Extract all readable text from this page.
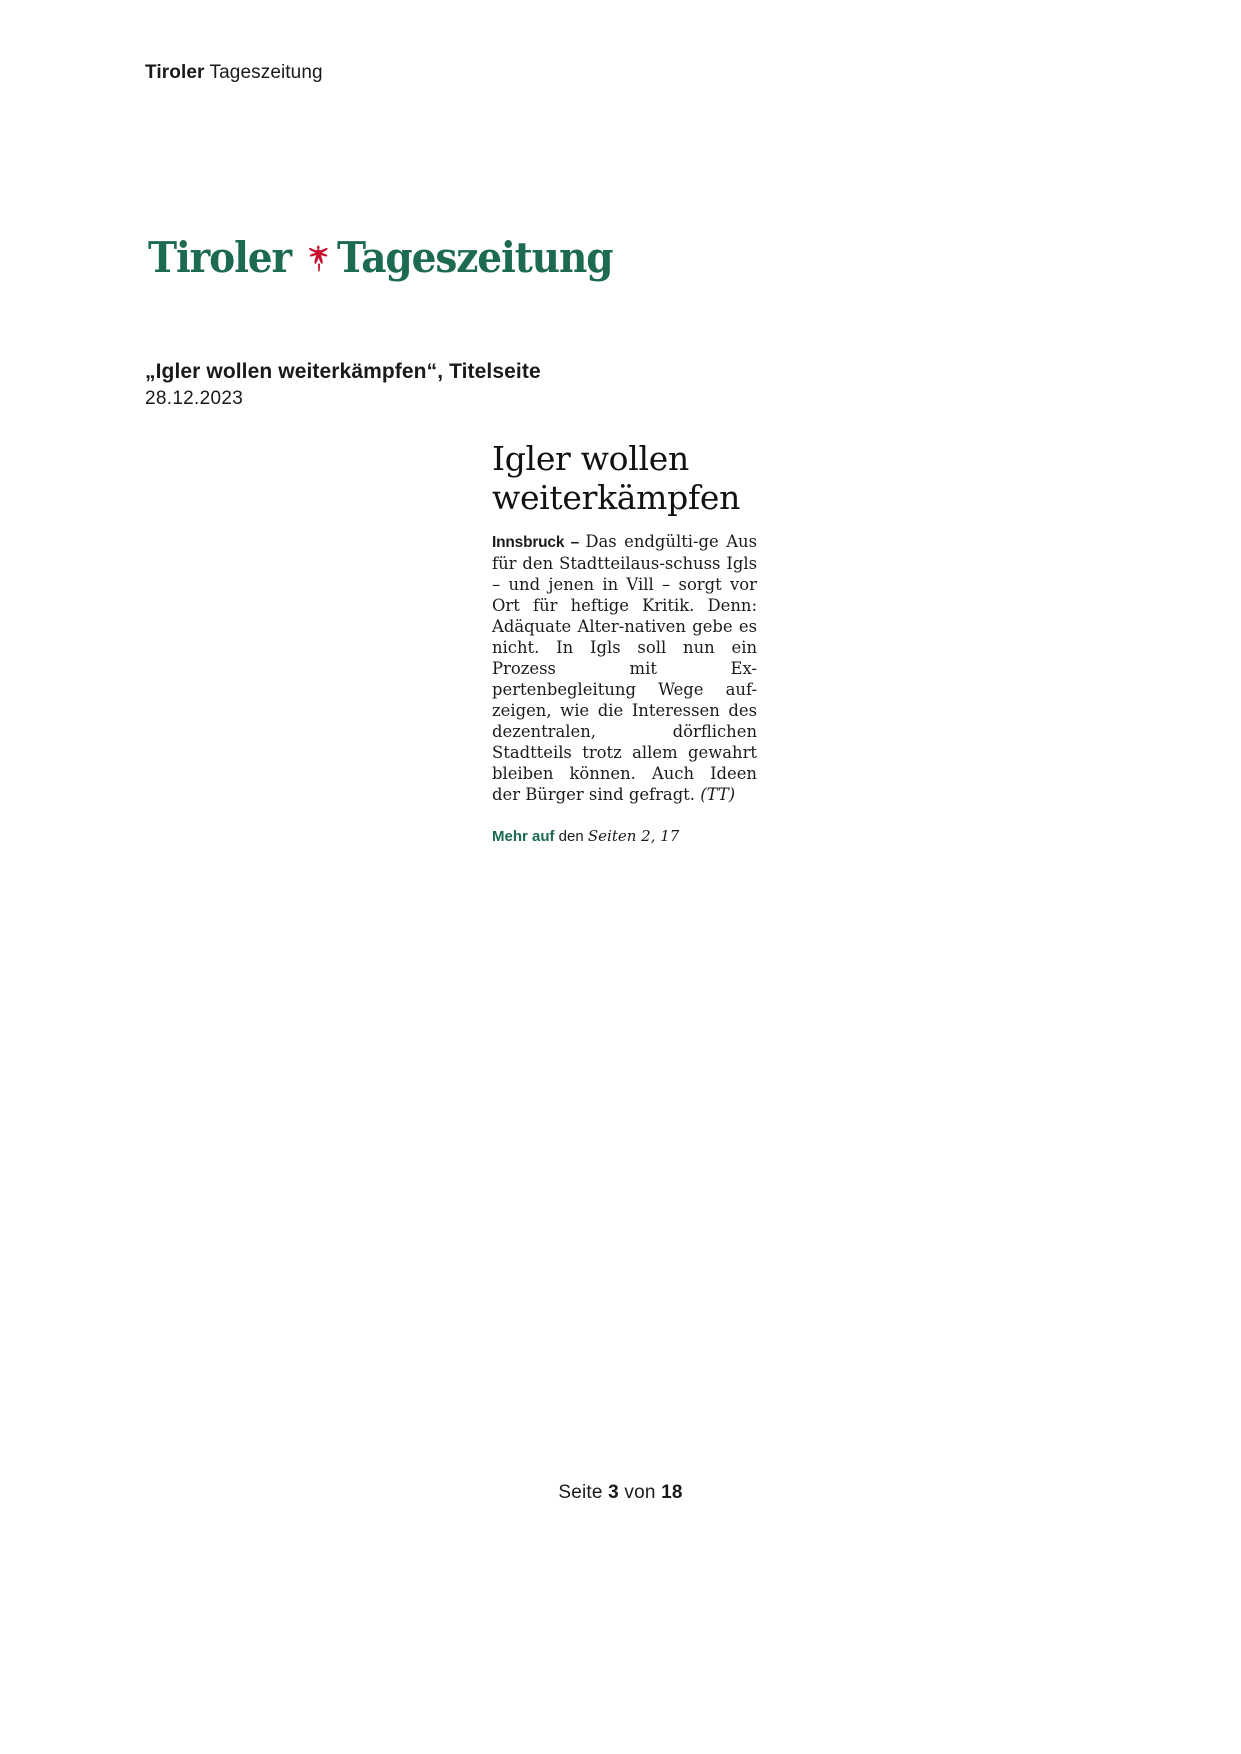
Tiroler Tageszeitung
Tiroler Tageszeitung
„Igler wollen weiterkämpfen“, Titelseite
28.12.2023
Igler wollen
weiterkämpfen

Innsbruck – Das endgülti-ge Aus für den Stadtteilaus-schuss Igls – und jenen in Vill – sorgt vor Ort für heftige Kritik. Denn: Adäquate Alter-nativen gebe es nicht. In Igls soll nun ein Prozess mit Ex-pertenbegleitung Wege auf-zeigen, wie die Interessen des dezentralen, dörflichen Stadtteils trotz allem gewahrt bleiben können. Auch Ideen der Bürger sind gefragt. (TT)

Mehr auf den Seiten 2, 17
Seite 3 von 18
